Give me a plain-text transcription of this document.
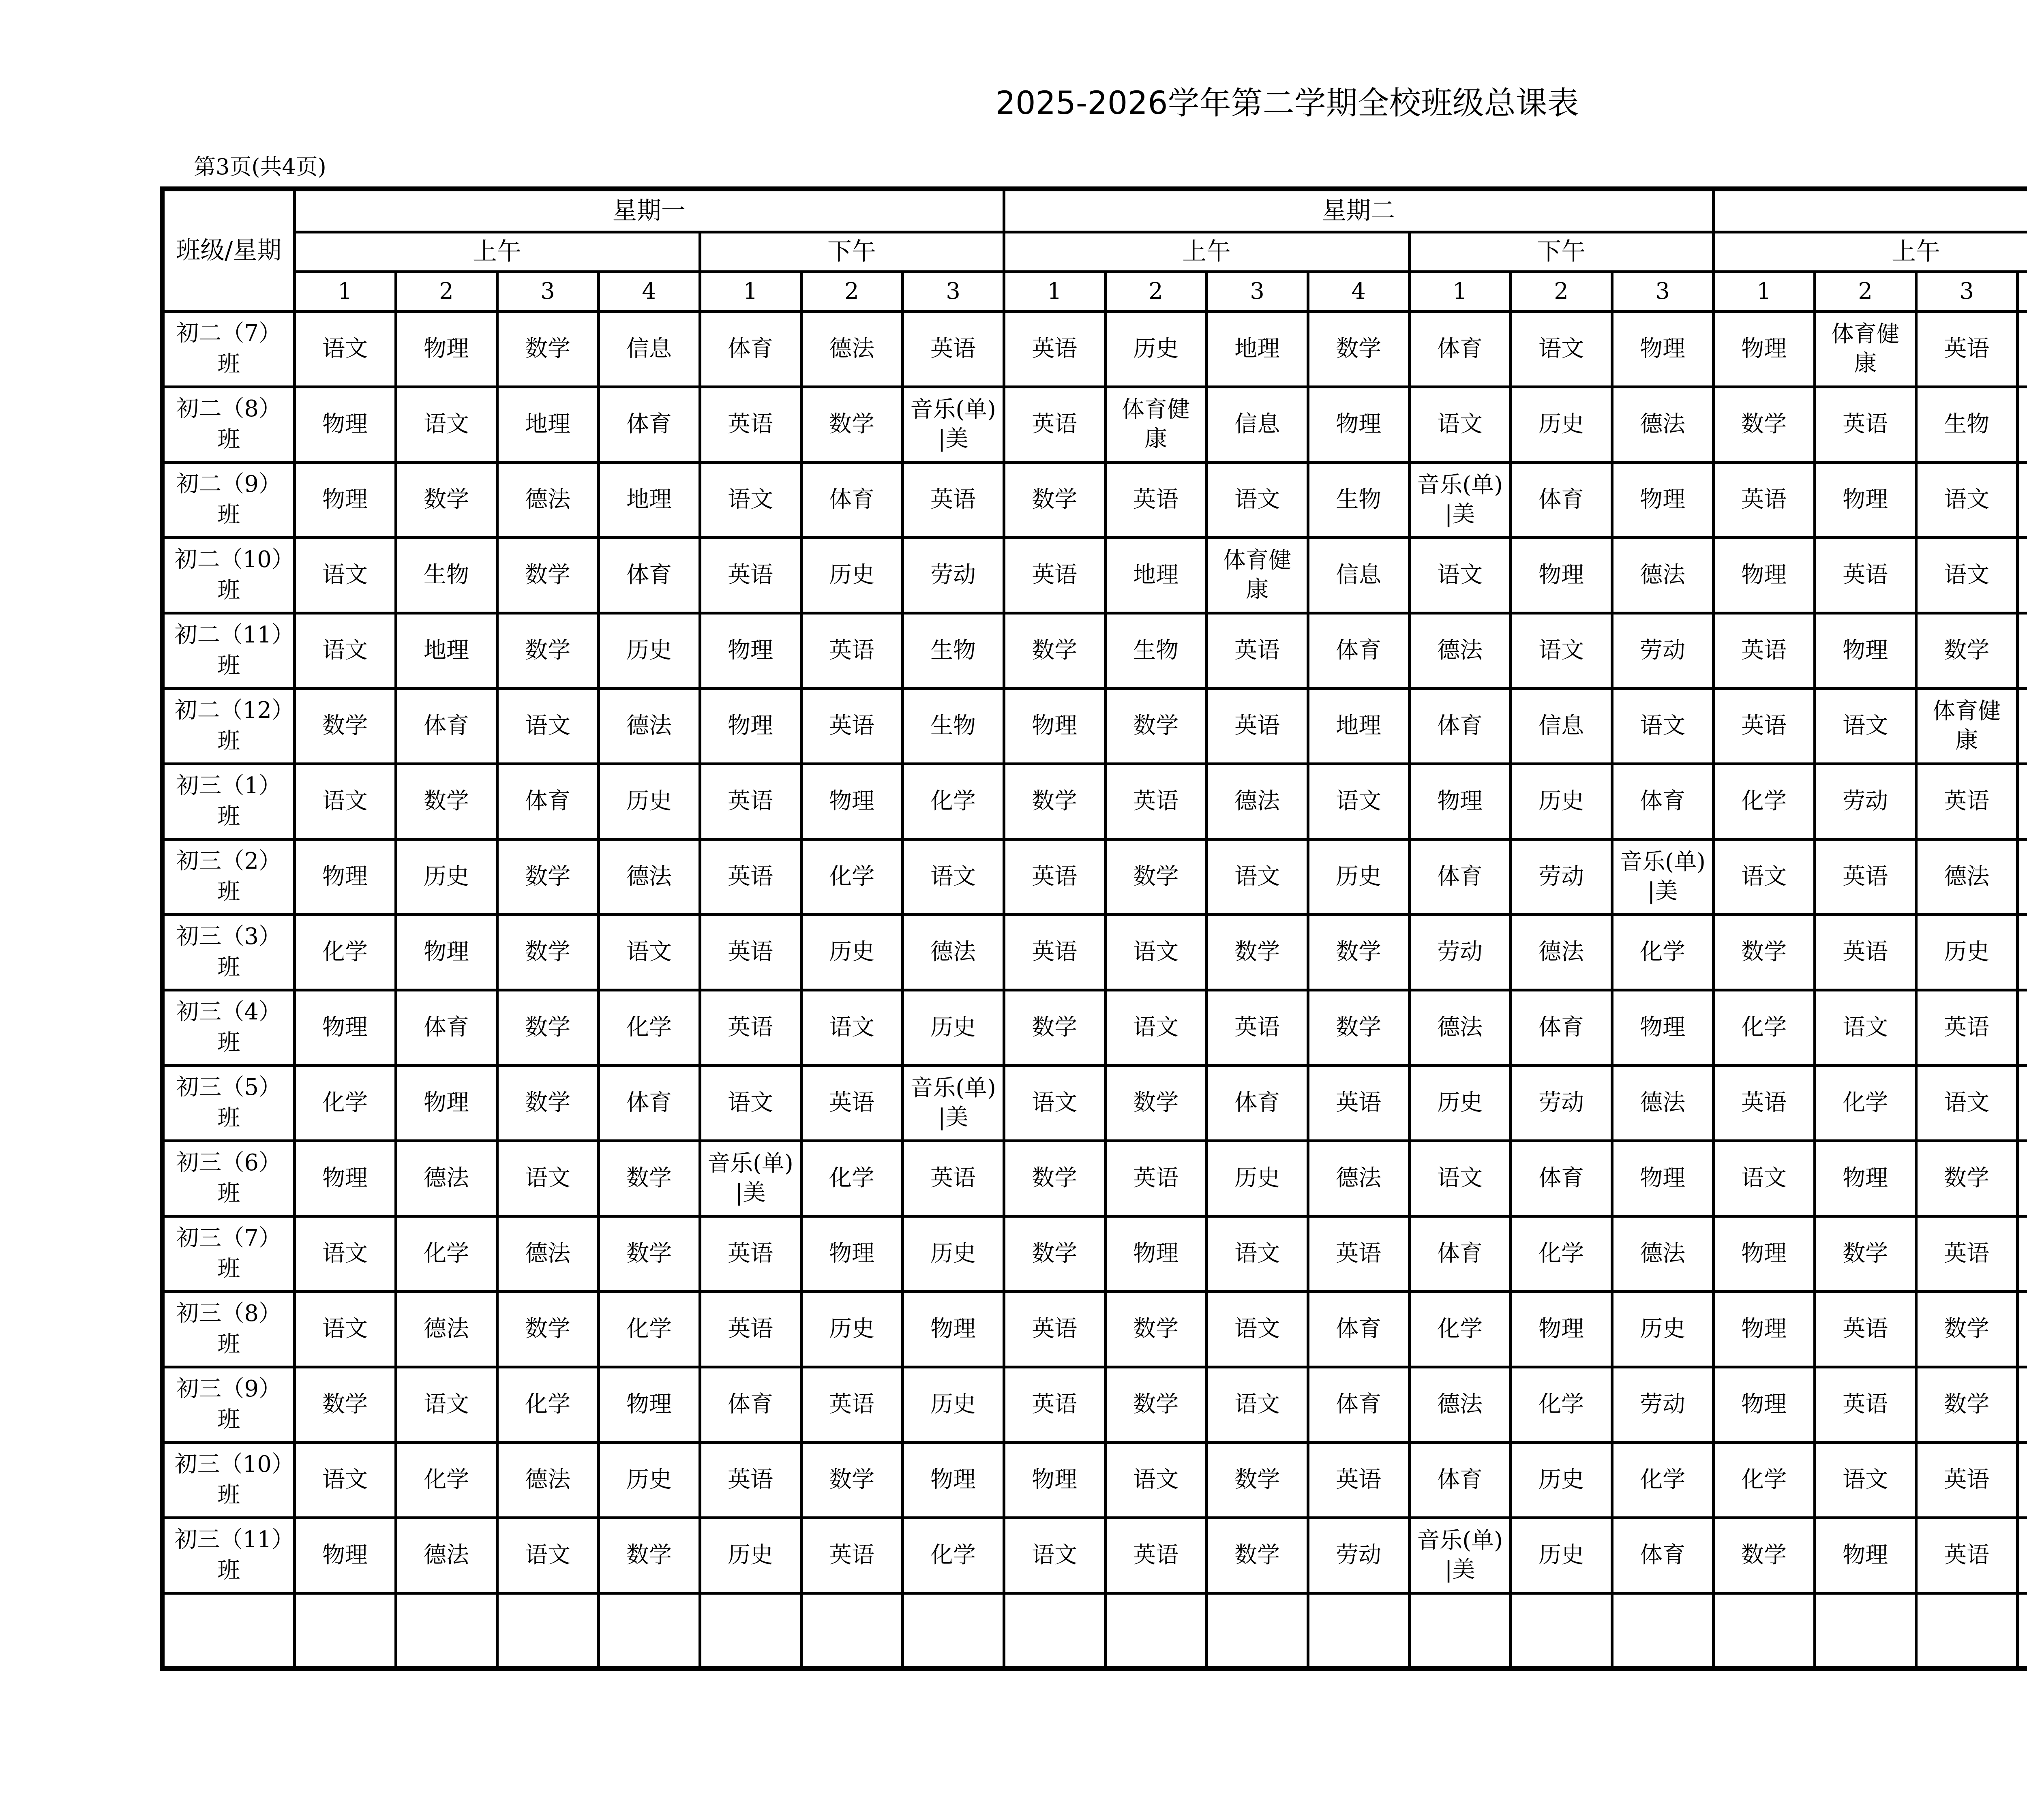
2025-2026学年第二学期全校班级总课表
第3页(共4页)
班级/星期	星期一							星期二	
	上午				下午			上午				下午			上午	
	1	2	3	4	1	2	3	1	2	3	4	1	2	3	1	2	3				
初二（7）班	语文	物理	数学	信息	体育	德法	英语	英语	历史	地理	数学	体育	语文	物理	物理	体育健康	英语

初二（8）班	物理	语文	地理	体育	英语	数学	音乐(单)|美	英语	体育健康	信息	物理	语文	历史	德法	数学	英语	生物

初二（9）班	物理	数学	德法	地理	语文	体育	英语	数学	英语	语文	生物	音乐(单)|美	体育	物理	英语	物理	语文

初二（10）班	语文	生物	数学	体育	英语	历史	劳动	英语	地理	体育健康	信息	语文	物理	德法	物理	英语	语文

初二（11）班	语文	地理	数学	历史	物理	英语	生物	数学	生物	英语	体育	德法	语文	劳动	英语	物理	数学

初二（12）班	数学	体育	语文	德法	物理	英语	生物	物理	数学	英语	地理	体育	信息	语文	英语	语文	体育健康

初三（1）班	语文	数学	体育	历史	英语	物理	化学	数学	英语	德法	语文	物理	历史	体育	化学	劳动	英语

初三（2）班	物理	历史	数学	德法	英语	化学	语文	英语	数学	语文	历史	体育	劳动	音乐(单)|美	语文	英语	德法

初三（3）班	化学	物理	数学	语文	英语	历史	德法	英语	语文	数学	数学	劳动	德法	化学	数学	英语	历史

初三（4）班	物理	体育	数学	化学	英语	语文	历史	数学	语文	英语	数学	德法	体育	物理	化学	语文	英语

初三（5）班	化学	物理	数学	体育	语文	英语	音乐(单)|美	语文	数学	体育	英语	历史	劳动	德法	英语	化学	语文

初三（6）班	物理	德法	语文	数学	音乐(单)|美	化学	英语	数学	英语	历史	德法	语文	体育	物理	语文	物理	数学

初三（7）班	语文	化学	德法	数学	英语	物理	历史	数学	物理	语文	英语	体育	化学	德法	物理	数学	英语

初三（8）班	语文	德法	数学	化学	英语	历史	物理	英语	数学	语文	体育	化学	物理	历史	物理	英语	数学

初三（9）班	数学	语文	化学	物理	体育	英语	历史	英语	数学	语文	体育	德法	化学	劳动	物理	英语	数学

初三（10）班	语文	化学	德法	历史	英语	数学	物理	物理	语文	数学	英语	体育	历史	化学	化学	语文	英语

初三（11）班	物理	德法	语文	数学	历史	英语	化学	语文	英语	数学	劳动	音乐(单)|美	历史	体育	数学	物理	英语
